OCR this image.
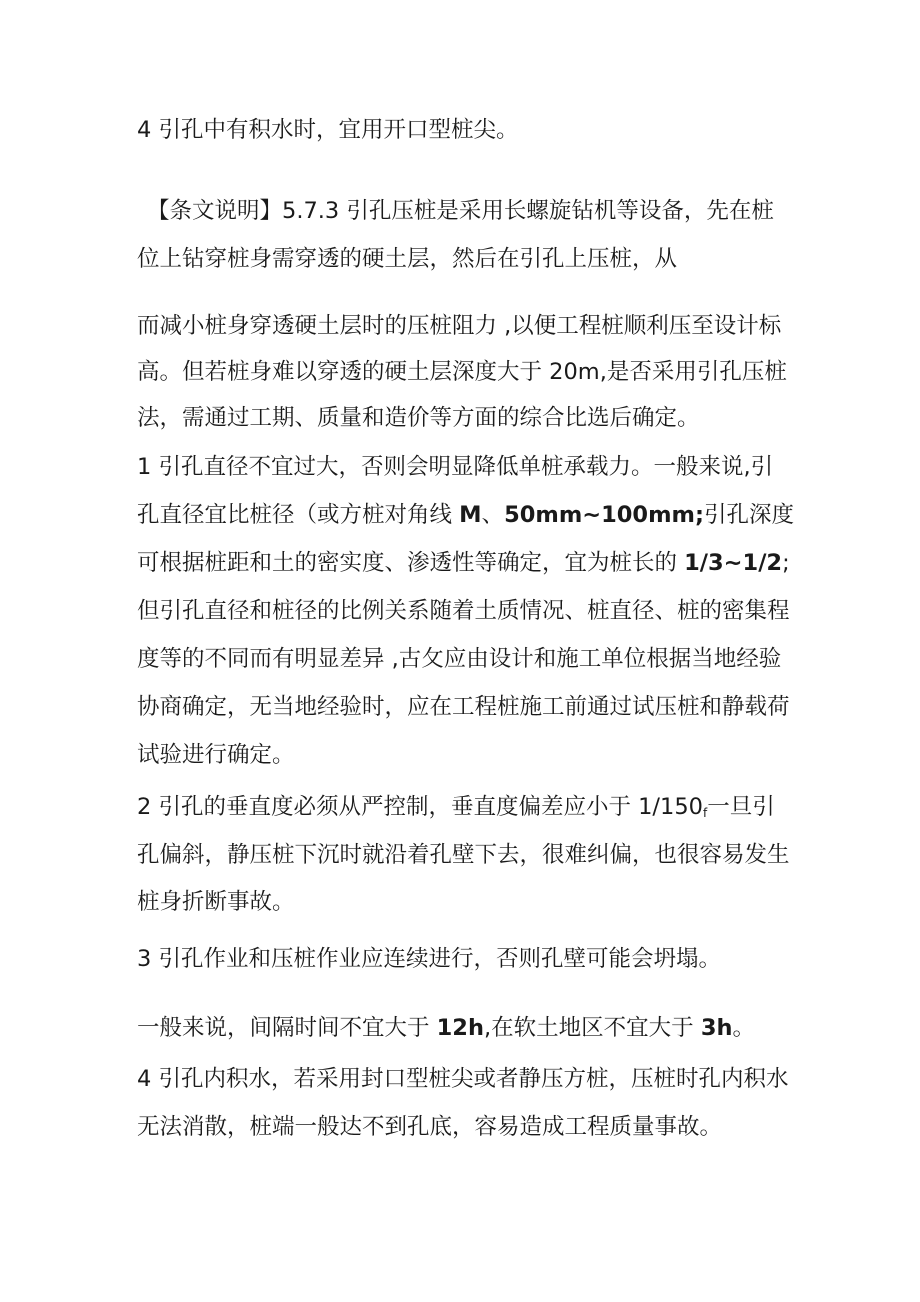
4 引孔中有积水时，宜用开口型桩尖。
【条文说明】5.7.3 引孔压桩是采用长螺旋钻机等设备，先在桩
位上钻穿桩身需穿透的硬土层，然后在引孔上压桩，从
而减小桩身穿透硬土层时的压桩阻力 ,以便工程桩顺利压至设计标
高。但若桩身难以穿透的硬土层深度大于 20m,是否采用引孔压桩
法，需通过工期、质量和造价等方面的综合比选后确定。
1 引孔直径不宜过大，否则会明显降低单桩承载力。一般来说,引
孔直径宜比桩径（或方桩对角线 M、50mm~100mm;引孔深度
可根据桩距和土的密实度、渗透性等确定，宜为桩长的 1/3~1/2;
但引孔直径和桩径的比例关系随着土质情况、桩直径、桩的密集程
度等的不同而有明显差异 ,古攵应由设计和施工单位根据当地经验
协商确定，无当地经验时，应在工程桩施工前通过试压桩和静载荷
试验进行确定。
2 引孔的垂直度必须从严控制，垂直度偏差应小于 $1/150_f$一旦引
孔偏斜，静压桩下沉时就沿着孔壁下去，很难纠偏，也很容易发生
桩身折断事故。
3 引孔作业和压桩作业应连续进行，否则孔壁可能会坍塌。
一般来说，间隔时间不宜大于 12h,在软土地区不宜大于 3h。
4 引孔内积水，若采用封口型桩尖或者静压方桩，压桩时孔内积水
无法消散，桩端一般达不到孔底，容易造成工程质量事故。
